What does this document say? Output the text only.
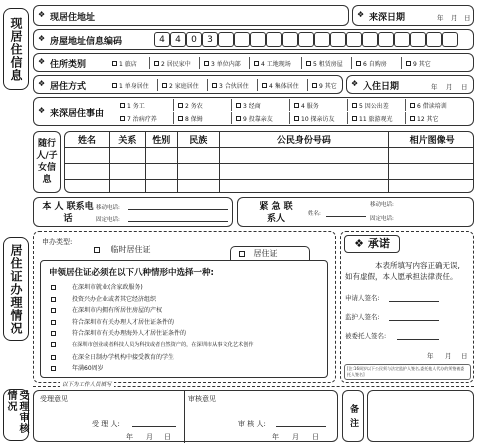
现居住信息
居住证办理情况
受理审核情况
❖ 现居住地址	❖ 来深日期	年 月 日
❖ 房屋地址信息编码	4	4	0	3
❖ 住所类别	1 旅店	2 居民家中	3 单位内部	4 工地现场	5 租赁房屋	6 自购房	9 其它
❖ 居住方式	1 单身居住	2 家庭居住	3 合伙居住	4 集体居住	9 其它 ❖ 入住日期	年 月 日
❖ 来深居住事由
1 务工	2 务农	3 经商	4 服务	5 因公出差	6 借读培训
7 治病疗养	8 保姆	9 投靠亲友	10 探亲访友	11 旅游观光	12 其它
随行人/子女信息
姓名	关系	性别	民族	公民身份号码	相片图像号

本 人 联系电话
移动电话:
固定电话:
紧 急 联系人	姓名:
移动电话:
固定电话:
申办类型:
临时居住证	居住证
申领居住证必须在以下八种情形中选择一种:
在深圳市就业(含家政服务)
投资兴办企业或者其它经济组织
在深圳市内拥有所居住房屋的产权
符合深圳市有关办理人才居住证条件的
符合深圳市有关办理海外人才居住证条件的
在深圳市创业或者科技人员为科技或者自然资产的，在深圳市从事文化艺术创作
在深全日制办学机构中接受教育的学生
年满60周岁
❖ 承诺
本表所填写内容正确无误,
如有虚假，本人愿承担法律责任。
申请人签名:
监护人签名:
被委托人签名:
年 月 日
[注:16周岁以下公民须与法定监护人签名,委托他人代办的须签被委托人签名]
以下为工作人员填写
受理意见	审核意见
受 理 人:	审 核 人:
年 月 日	年 月 日
备 注
